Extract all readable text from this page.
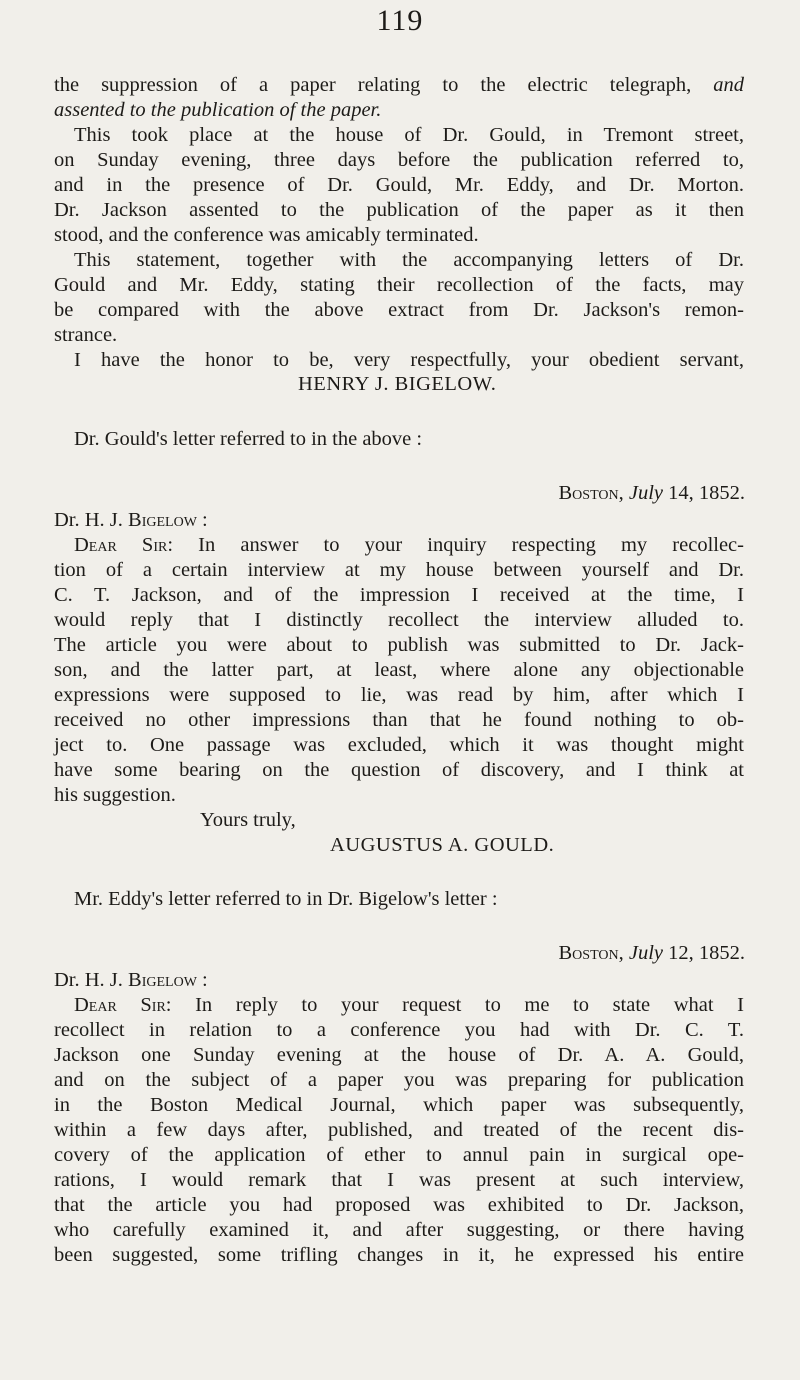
119
the suppression of a paper relating to the electric telegraph, and
assented to the publication of the paper.
This took place at the house of Dr. Gould, in Tremont street,
on Sunday evening, three days before the publication referred to,
and in the presence of Dr. Gould, Mr. Eddy, and Dr. Morton.
Dr. Jackson assented to the publication of the paper as it then
stood, and the conference was amicably terminated.
This statement, together with the accompanying letters of Dr.
Gould and Mr. Eddy, stating their recollection of the facts, may
be compared with the above extract from Dr. Jackson's remon-
strance.
I have the honor to be, very respectfully, your obedient servant,
HENRY J. BIGELOW.
Dr. Gould's letter referred to in the above :
Boston, July 14, 1852.
Dr. H. J. Bigelow :
Dear Sir: In answer to your inquiry respecting my recollec-
tion of a certain interview at my house between yourself and Dr.
C. T. Jackson, and of the impression I received at the time, I
would reply that I distinctly recollect the interview alluded to.
The article you were about to publish was submitted to Dr. Jack-
son, and the latter part, at least, where alone any objectionable
expressions were supposed to lie, was read by him, after which I
received no other impressions than that he found nothing to ob-
ject to. One passage was excluded, which it was thought might
have some bearing on the question of discovery, and I think at
his suggestion.
Yours truly,
AUGUSTUS A. GOULD.
Mr. Eddy's letter referred to in Dr. Bigelow's letter :
Boston, July 12, 1852.
Dr. H. J. Bigelow :
Dear Sir: In reply to your request to me to state what I
recollect in relation to a conference you had with Dr. C. T.
Jackson one Sunday evening at the house of Dr. A. A. Gould,
and on the subject of a paper you was preparing for publication
in the Boston Medical Journal, which paper was subsequently,
within a few days after, published, and treated of the recent dis-
covery of the application of ether to annul pain in surgical ope-
rations, I would remark that I was present at such interview,
that the article you had proposed was exhibited to Dr. Jackson,
who carefully examined it, and after suggesting, or there having
been suggested, some trifling changes in it, he expressed his entire
